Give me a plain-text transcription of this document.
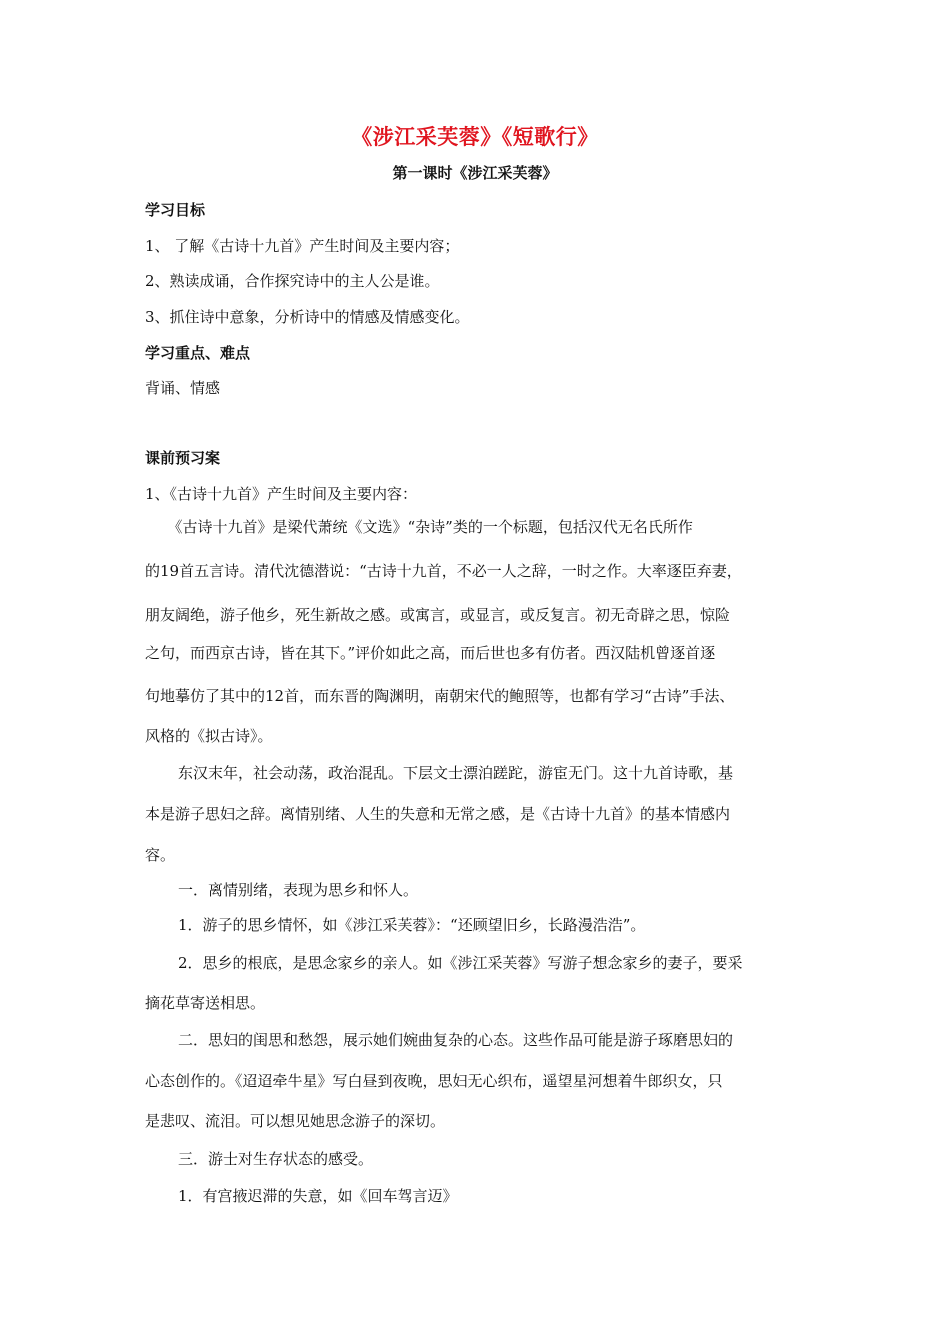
《涉江采芙蓉》《短歌行》
第一课时《涉江采芙蓉》
学习目标
1、 了解《古诗十九首》产生时间及主要内容；
2、熟读成诵，合作探究诗中的主人公是谁。
3、抓住诗中意象，分析诗中的情感及情感变化。
学习重点、难点
背诵、情感
课前预习案
1、《古诗十九首》产生时间及主要内容：
　　《古诗十九首》是梁代萧统《文选》“杂诗”类的一个标题，包括汉代无名氏所作
的19首五言诗。清代沈德潜说：“古诗十九首，不必一人之辞，一时之作。大率逐臣弃妻，
朋友阔绝，游子他乡，死生新故之感。或寓言，或显言，或反复言。初无奇辟之思，惊险
之句，而西京古诗，皆在其下。”评价如此之高，而后世也多有仿者。西汉陆机曾逐首逐
句地摹仿了其中的12首，而东晋的陶渊明，南朝宋代的鲍照等，也都有学习“古诗”手法、
风格的《拟古诗》。
东汉末年，社会动荡，政治混乱。下层文士漂泊蹉跎，游宦无门。这十九首诗歌，基
本是游子思妇之辞。离情别绪、人生的失意和无常之感，是《古诗十九首》的基本情感内
容。
一．离情别绪，表现为思乡和怀人。
1．游子的思乡情怀，如《涉江采芙蓉》：“还顾望旧乡，长路漫浩浩”。
2．思乡的根底，是思念家乡的亲人。如《涉江采芙蓉》写游子想念家乡的妻子，要采
摘花草寄送相思。
二．思妇的闺思和愁怨，展示她们婉曲复杂的心态。这些作品可能是游子琢磨思妇的
心态创作的。《迢迢牵牛星》写白昼到夜晚，思妇无心织布，遥望星河想着牛郎织女，只
是悲叹、流泪。可以想见她思念游子的深切。
三．游士对生存状态的感受。
1．有宫掖迟滞的失意，如《回车驾言迈》
